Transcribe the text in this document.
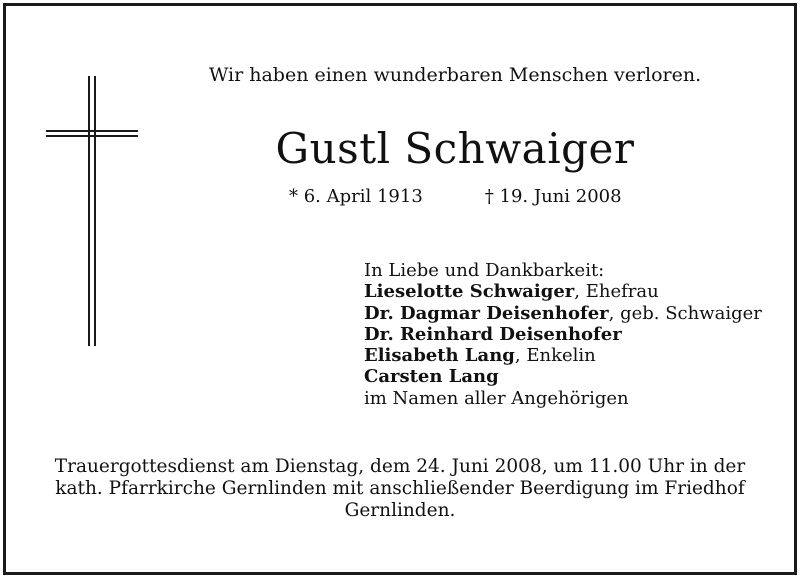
Wir haben einen wunderbaren Menschen verloren.
Gustl Schwaiger
* 6. April 1913	† 19. Juni 2008
In Liebe und Dankbarkeit:
Lieselotte Schwaiger, Ehefrau
Dr. Dagmar Deisenhofer, geb. Schwaiger
Dr. Reinhard Deisenhofer
Elisabeth Lang, Enkelin
Carsten Lang
im Namen aller Angehörigen
Trauergottesdienst am Dienstag, dem 24. Juni 2008, um 11.00 Uhr in der
kath. Pfarrkirche Gernlinden mit anschließender Beerdigung im Friedhof
Gernlinden.
